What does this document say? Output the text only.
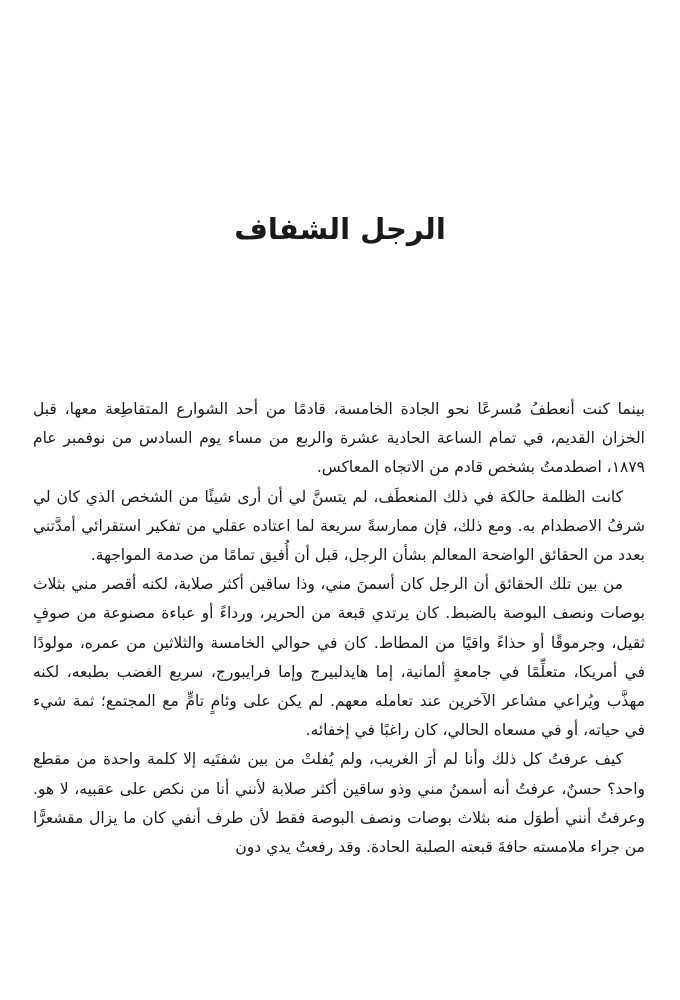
الرجل الشفاف

بينما كنت أنعطفُ مُسرعًا نحو الجادة الخامسة، قادمًا من أحد الشوارع المتقاطِعة معها، قبل الخزان القديم، في تمام الساعة الحادية عشرة والربع من مساء يوم السادس من نوفمبر عام ١٨٧٩، اصطدمتُ بشخص قادم من الاتجاه المعاكس.

كانت الظلمة حالكة في ذلك المنعطَف، لم يتسنَّ لي أن أرى شيئًا من الشخص الذي كان لي شرفُ الاصطدام به. ومع ذلك، فإن ممارسةً سريعة لما اعتاده عقلي من تفكير استقرائي أمدَّتني بعدد من الحقائق الواضحة المعالم بشأن الرجل، قبل أن أُفيق تمامًا من صدمة المواجهة.

من بين تلك الحقائق أن الرجل كان أسمنَ مني، وذا ساقين أكثر صلابة، لكنه أقصر مني بثلاث بوصات ونصف البوصة بالضبط. كان يرتدي قبعة من الحرير، ورداءً أو عباءة مصنوعة من صوفٍ ثقيل، وجرموقًا أو حذاءً واقيًا من المطاط. كان في حوالي الخامسة والثلاثين من عمره، مولودًا في أمريكا، متعلِّمًا في جامعةٍ ألمانية، إما هايدلبيرج وإما فرايبورج، سريع الغضب بطبعه، لكنه مهذَّب ويُراعي مشاعر الآخرين عند تعامله معهم. لم يكن على وئامٍ تامٍّ مع المجتمع؛ ثمة شيء في حياته، أو في مسعاه الحالي، كان راغبًا في إخفائه.

كيف عرفتُ كل ذلك وأنا لم أرَ الغريب، ولم يُفلتْ من بين شفتَيه إلا كلمة واحدة من مقطع واحد؟ حسنٌ، عرفتُ أنه أسمنُ مني وذو ساقين أكثر صلابة لأنني أنا من نكص على عقبيه، لا هو. وعرفتُ أنني أطوَل منه بثلاث بوصات ونصف البوصة فقط لأن طرف أنفي كان ما يزال مقشعرًّا من جراء ملامسته حافةَ قبعته الصلبة الحادة. وقد رفعتُ يدي دون
